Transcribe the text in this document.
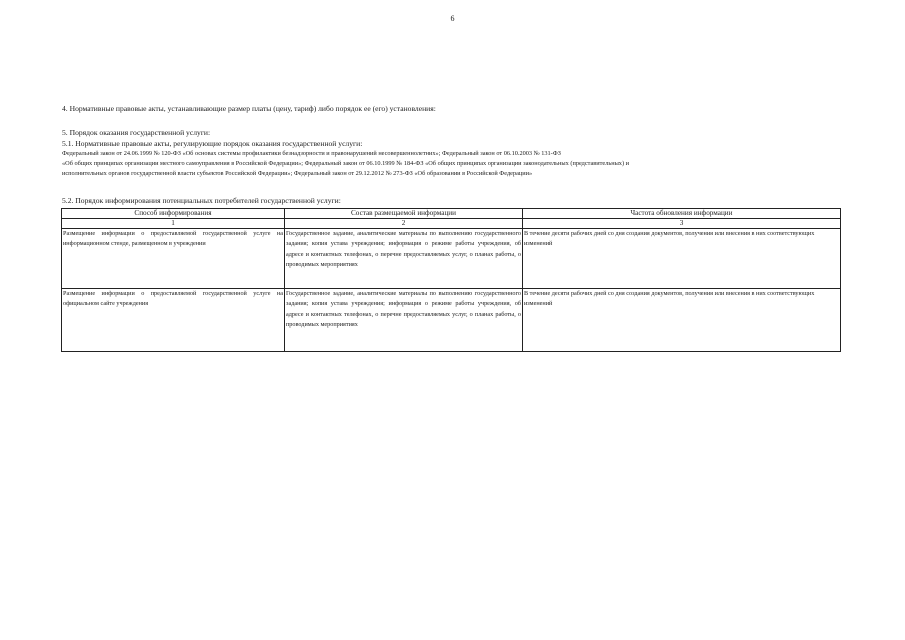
6
4. Нормативные правовые акты, устанавливающие размер платы (цену, тариф) либо порядок ее (его) установления:
5. Порядок оказания государственной услуги:
5.1. Нормативные правовые акты, регулирующие порядок оказания государственной услуги:
Федеральный закон от 24.06.1999 № 120-ФЗ «Об основах системы профилактики безнадзорности и правонарушений несовершеннолетних»; Федеральный закон от 06.10.2003 № 131-ФЗ
«Об общих принципах организации местного самоуправления в Российской Федерации»; Федеральный закон от 06.10.1999 № 184-ФЗ «Об общих принципах организации законодательных (представительных) и
исполнительных органов государственной власти субъектов Российской Федерации»; Федеральный закон от 29.12.2012 № 273-ФЗ «Об образовании в Российской Федерации»
5.2. Порядок информирования потенциальных потребителей государственной услуги:
Способ информирования	Состав размещаемой информации	Частота обновления информации
1	2	3
Размещение информации о предоставляемой государственной услуге на информационном стенде, размещенном в учреждении	Государственное задание, аналитические материалы по выполнению государственного задания; копия устава учреждения; информация о режиме работы учреждения, об адресе и контактных телефонах, о перечне предоставляемых услуг, о планах работы, о проводимых мероприятиях	В течение десяти рабочих дней со дня создания документов, получения или внесения в них соответствующих изменений
Размещение информации о предоставляемой государственной услуге на официальном сайте учреждения	Государственное задание, аналитические материалы по выполнению государственного задания; копия устава учреждения; информация о режиме работы учреждения, об адресе и контактных телефонах, о перечне предоставляемых услуг, о планах работы, о проводимых мероприятиях	В течение десяти рабочих дней со дня создания документов, получения или внесения в них соответствующих изменений
